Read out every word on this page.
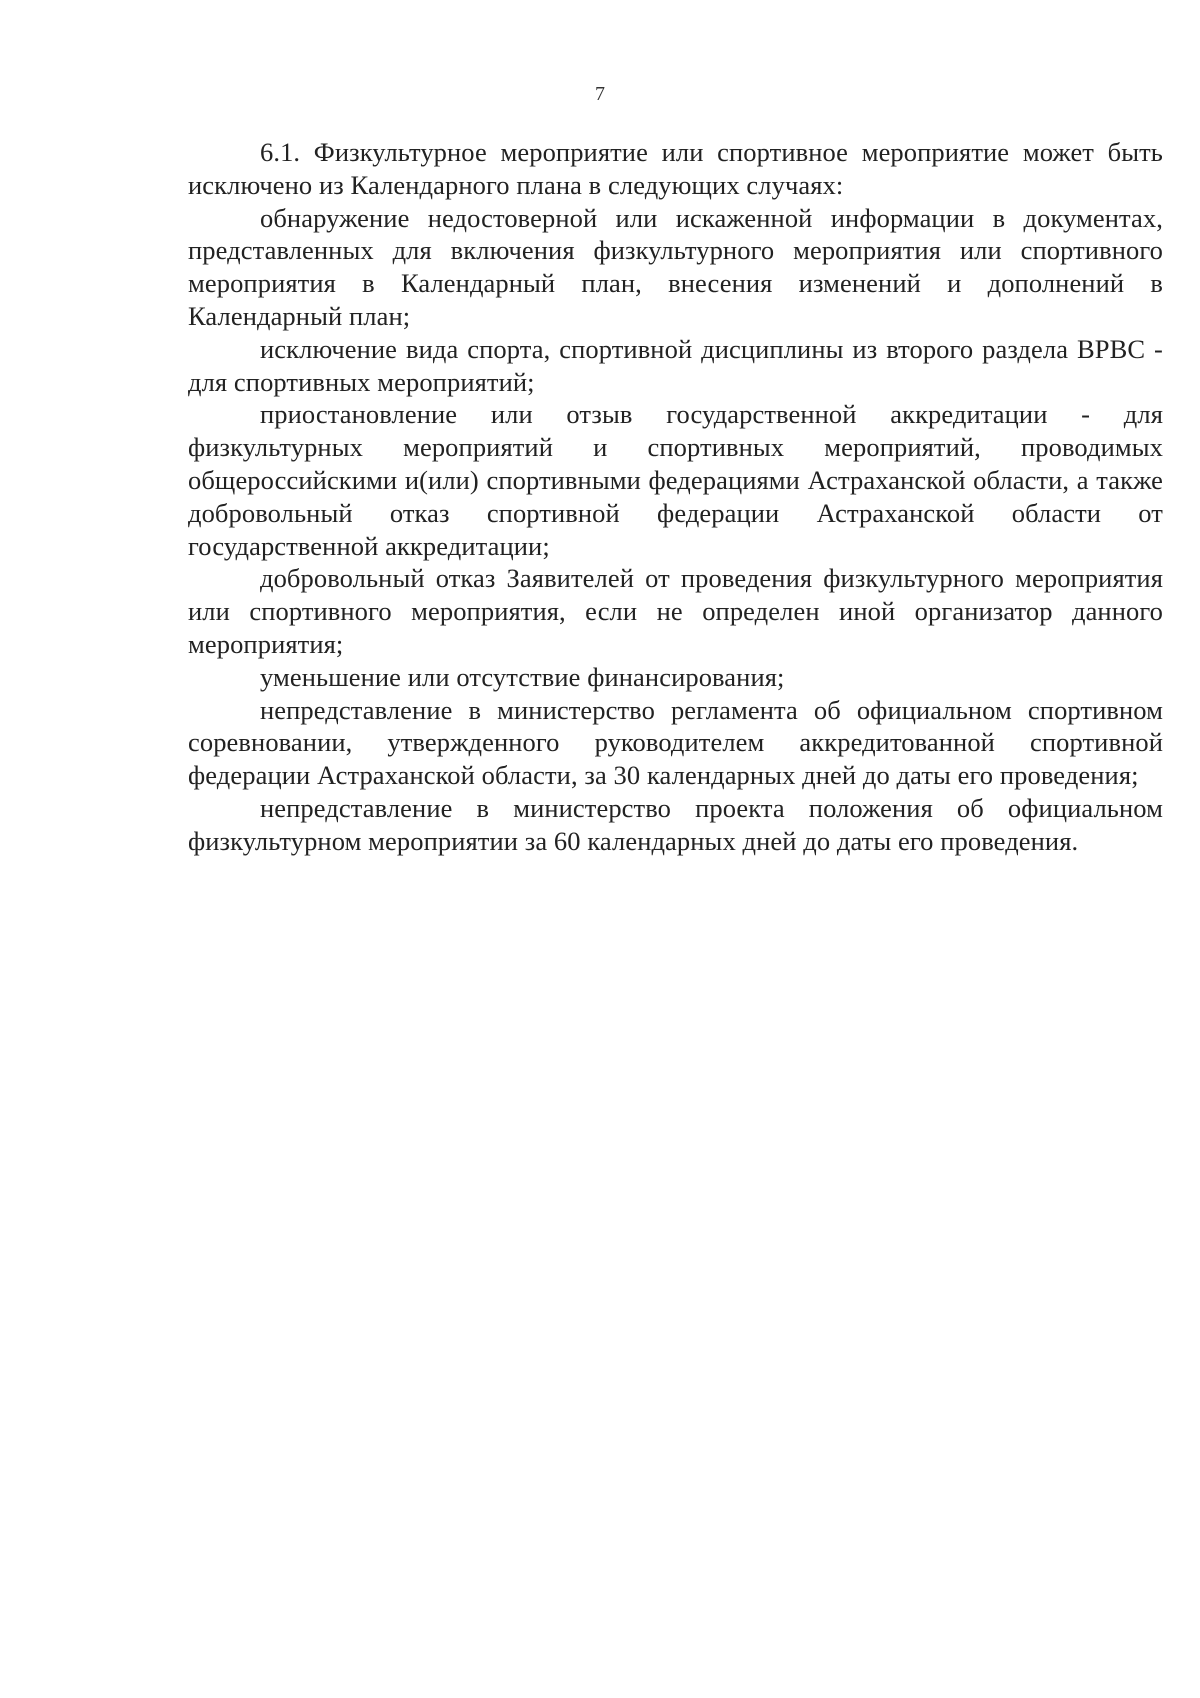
7

6.1. Физкультурное мероприятие или спортивное мероприятие может быть исключено из Календарного плана в следующих случаях:

обнаружение недостоверной или искаженной информации в документах, представленных для включения физкультурного мероприятия или спортивного мероприятия в Календарный план, внесения изменений и дополнений в Календарный план;

исключение вида спорта, спортивной дисциплины из второго раздела ВРВС - для спортивных мероприятий;

приостановление или отзыв государственной аккредитации - для физкультурных мероприятий и спортивных мероприятий, проводимых общероссийскими и(или) спортивными федерациями Астраханской области, а также добровольный отказ спортивной федерации Астраханской области от государственной аккредитации;

добровольный отказ Заявителей от проведения физкультурного мероприятия или спортивного мероприятия, если не определен иной организатор данного мероприятия;

уменьшение или отсутствие финансирования;

непредставление в министерство регламента об официальном спортивном соревновании, утвержденного руководителем аккредитованной спортивной федерации Астраханской области, за 30 календарных дней до даты его проведения;

непредставление в министерство проекта положения об официальном физкультурном мероприятии за 60 календарных дней до даты его проведения.
